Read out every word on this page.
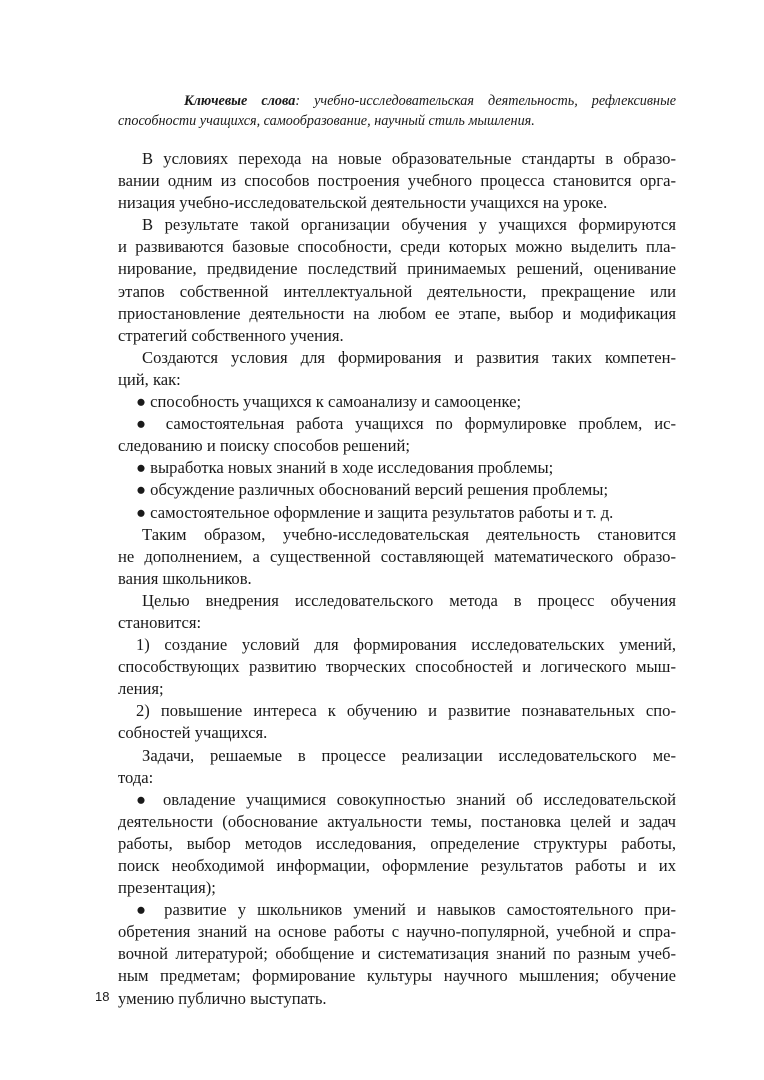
Ключевые слова: учебно-исследовательская деятельность, рефлексивные способности учащихся, самообразование, научный стиль мышления.
В условиях перехода на новые образовательные стандарты в образо-
вании одним из способов построения учебного процесса становится орга-
низация учебно-исследовательской деятельности учащихся на уроке.
В результате такой организации обучения у учащихся формируются
и развиваются базовые способности, среди которых можно выделить пла-
нирование, предвидение последствий принимаемых решений, оценивание
этапов собственной интеллектуальной деятельности, прекращение или
приостановление деятельности на любом ее этапе, выбор и модификация
стратегий собственного учения.
Создаются условия для формирования и развития таких компетен-
ций, как:
● способность учащихся к самоанализу и самооценке;
● самостоятельная работа учащихся по формулировке проблем, ис-
следованию и поиску способов решений;
● выработка новых знаний в ходе исследования проблемы;
● обсуждение различных обоснований версий решения проблемы;
● самостоятельное оформление и защита результатов работы и т. д.
Таким образом, учебно-исследовательская деятельность становится
не дополнением, а существенной составляющей математического образо-
вания школьников.
Целью внедрения исследовательского метода в процесс обучения
становится:
1) создание условий для формирования исследовательских умений,
способствующих развитию творческих способностей и логического мыш-
ления;
2) повышение интереса к обучению и развитие познавательных спо-
собностей учащихся.
Задачи, решаемые в процессе реализации исследовательского ме-
тода:
● овладение учащимися совокупностью знаний об исследовательской
деятельности (обоснование актуальности темы, постановка целей и задач
работы, выбор методов исследования, определение структуры работы,
поиск необходимой информации, оформление результатов работы и их
презентация);
● развитие у школьников умений и навыков самостоятельного при-
обретения знаний на основе работы с научно-популярной, учебной и спра-
вочной литературой; обобщение и систематизация знаний по разным учеб-
ным предметам; формирование культуры научного мышления; обучение
умению публично выступать.
18
